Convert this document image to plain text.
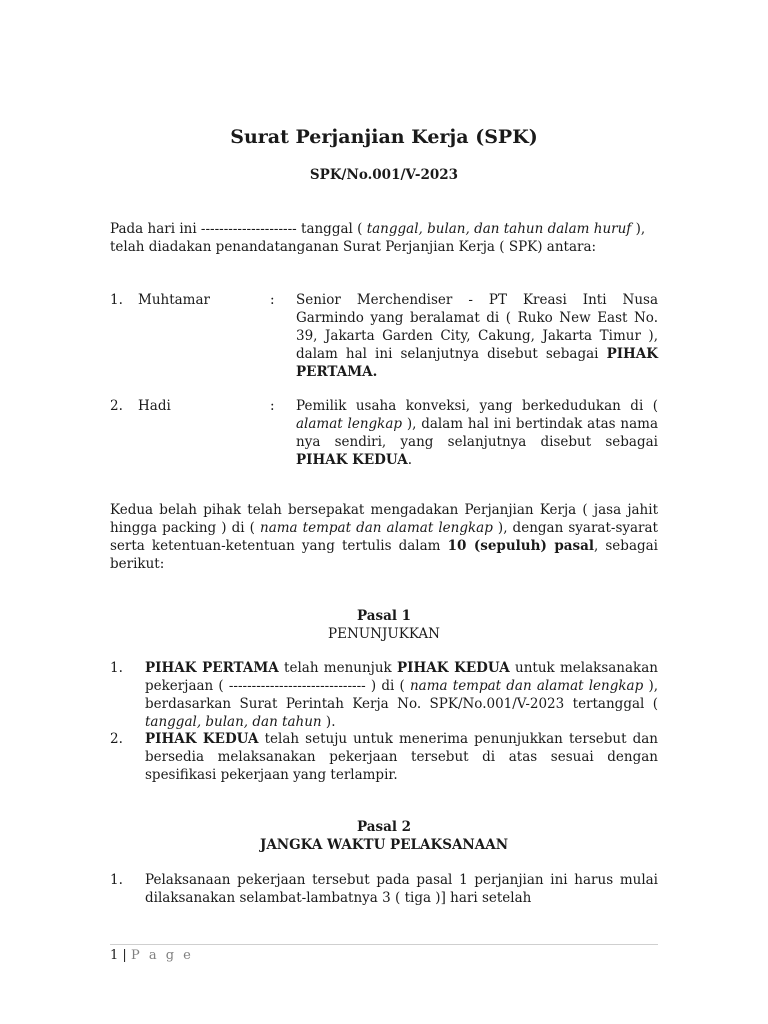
Surat Perjanjian Kerja (SPK)
SPK/No.001/V-2023
Pada hari ini --------------------- tanggal ( tanggal, bulan, dan tahun dalam huruf ),
telah diadakan penandatanganan Surat Perjanjian Kerja ( SPK) antara:
1. Muhtamar	: Senior Merchendiser - PT Kreasi Inti Nusa Garmindo yang beralamat di ( Ruko New East No. 39, Jakarta Garden City, Cakung, Jakarta Timur ), dalam hal ini selanjutnya disebut sebagai PIHAK PERTAMA.
2. Hadi	: Pemilik usaha konveksi, yang berkedudukan di ( alamat lengkap ), dalam hal ini bertindak atas nama nya sendiri, yang selanjutnya disebut sebagai PIHAK KEDUA.
Kedua belah pihak telah bersepakat mengadakan Perjanjian Kerja ( jasa jahit hingga packing ) di ( nama tempat dan alamat lengkap ), dengan syarat-syarat serta ketentuan-ketentuan yang tertulis dalam 10 (sepuluh) pasal, sebagai berikut:
Pasal 1
PENUNJUKKAN
1. PIHAK PERTAMA telah menunjuk PIHAK KEDUA untuk melaksanakan pekerjaan ( ------------------------------ ) di ( nama tempat dan alamat lengkap ), berdasarkan Surat Perintah Kerja No. SPK/No.001/V-2023 tertanggal ( tanggal, bulan, dan tahun ).
2. PIHAK KEDUA telah setuju untuk menerima penunjukkan tersebut dan bersedia melaksanakan pekerjaan tersebut di atas sesuai dengan spesifikasi pekerjaan yang terlampir.
Pasal 2
JANGKA WAKTU PELAKSANAAN
1. Pelaksanaan pekerjaan tersebut pada pasal 1 perjanjian ini harus mulai dilaksanakan selambat-lambatnya 3 ( tiga )] hari setelah
1 | P a g e
